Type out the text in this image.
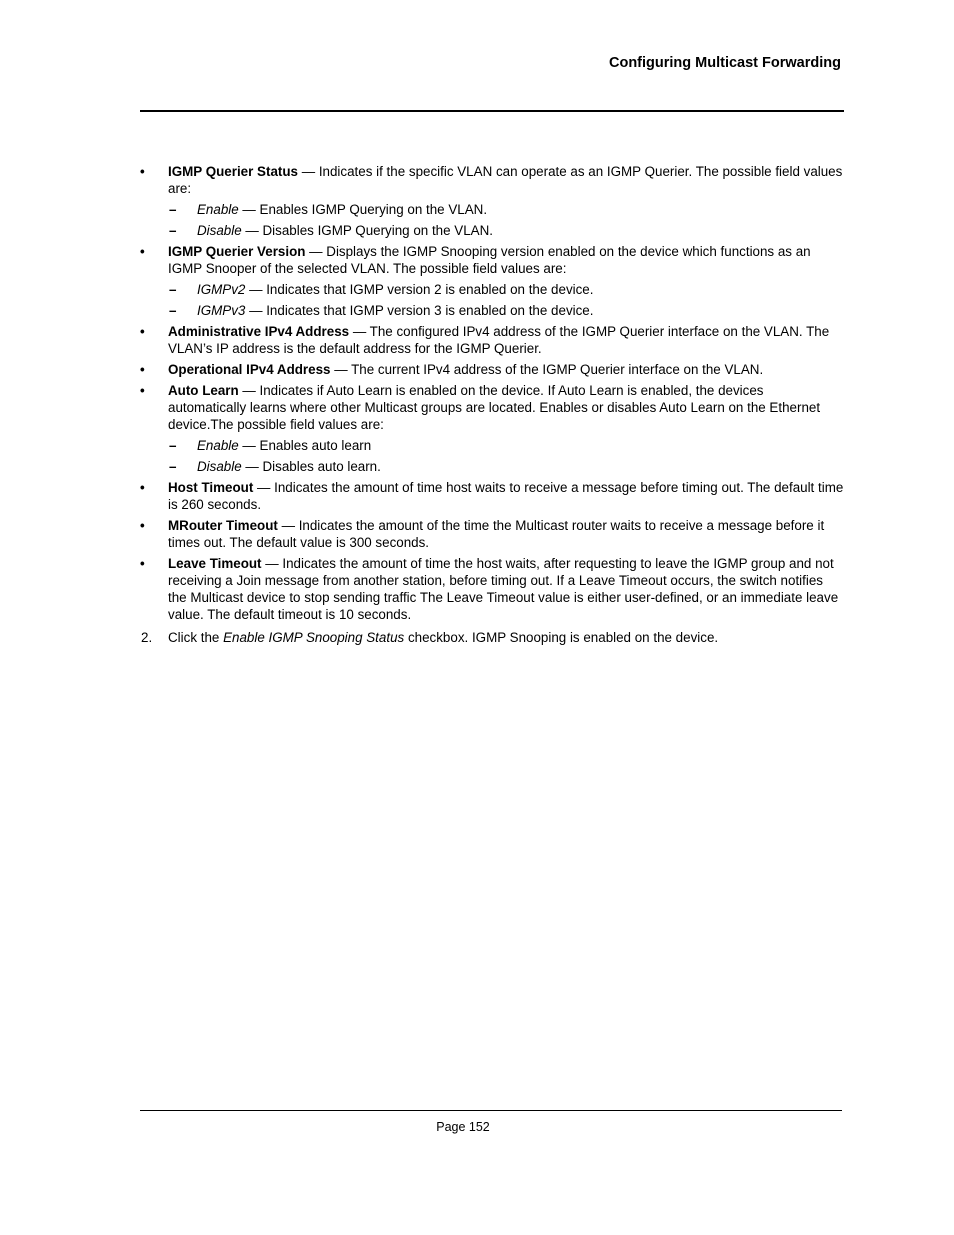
Configuring Multicast Forwarding
• IGMP Querier Status — Indicates if the specific VLAN can operate as an IGMP Querier. The possible field values are:
– Enable — Enables IGMP Querying on the VLAN.
– Disable — Disables IGMP Querying on the VLAN.
• IGMP Querier Version — Displays the IGMP Snooping version enabled on the device which functions as an IGMP Snooper of the selected VLAN. The possible field values are:
– IGMPv2 — Indicates that IGMP version 2 is enabled on the device.
– IGMPv3 — Indicates that IGMP version 3 is enabled on the device.
• Administrative IPv4 Address — The configured IPv4 address of the IGMP Querier interface on the VLAN. The VLAN’s IP address is the default address for the IGMP Querier.
• Operational IPv4 Address — The current IPv4 address of the IGMP Querier interface on the VLAN.
• Auto Learn — Indicates if Auto Learn is enabled on the device. If Auto Learn is enabled, the devices automatically learns where other Multicast groups are located. Enables or disables Auto Learn on the Ethernet device.The possible field values are:
– Enable — Enables auto learn
– Disable — Disables auto learn.
• Host Timeout — Indicates the amount of time host waits to receive a message before timing out. The default time is 260 seconds.
• MRouter Timeout — Indicates the amount of the time the Multicast router waits to receive a message before it times out. The default value is 300 seconds.
• Leave Timeout — Indicates the amount of time the host waits, after requesting to leave the IGMP group and not receiving a Join message from another station, before timing out. If a Leave Timeout occurs, the switch notifies the Multicast device to stop sending traffic The Leave Timeout value is either user-defined, or an immediate leave value. The default timeout is 10 seconds.
2. Click the Enable IGMP Snooping Status checkbox. IGMP Snooping is enabled on the device.
Page 152
